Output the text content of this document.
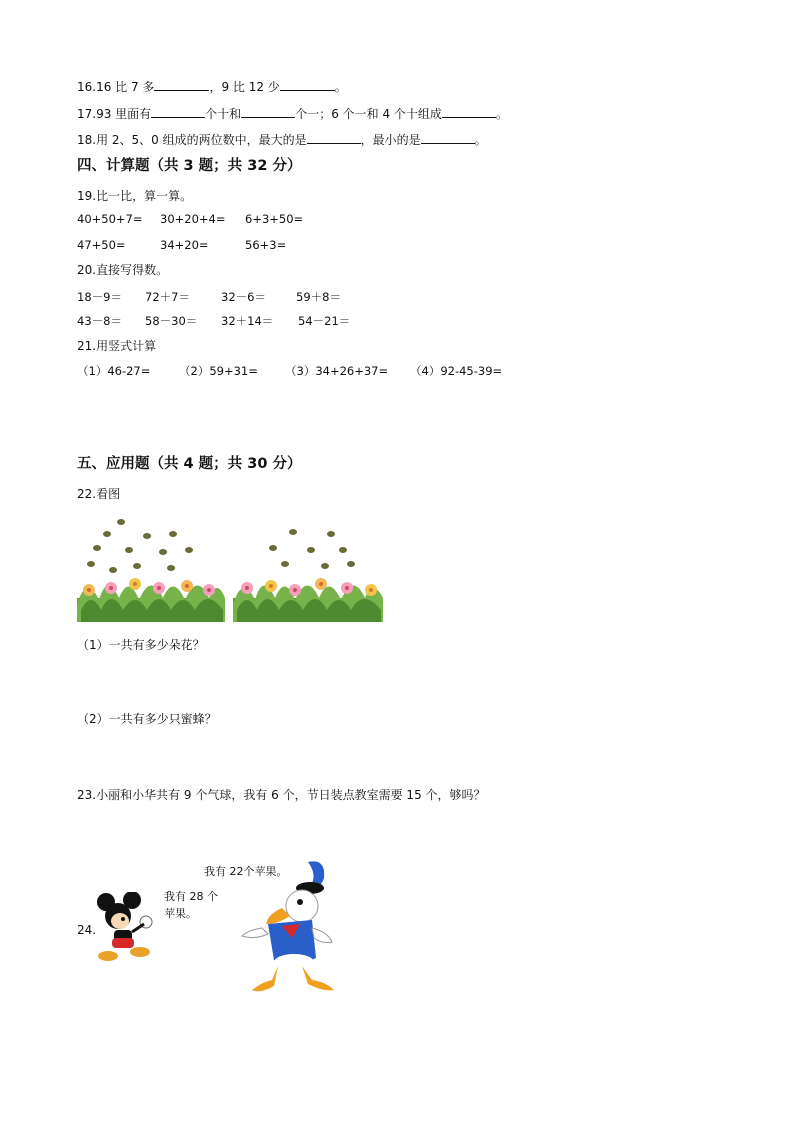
16.16 比 7 多	，9 比 12 少	。
17.93 里面有	个十和	个一；6 个一和 4 个十组成	。
18.用 2、5、0 组成的两位数中，最大的是	，最小的是	。
四、计算题（共 3 题；共 32 分）
19.比一比，算一算。
40+50+7= 30+20+4= 6+3+50=
47+50=	34+20=	56+3=
20.直接写得数。
18－9＝ 72＋7＝	32－6＝	59＋8＝
43－8＝ 58－30＝ 32＋14＝ 54－21＝
21.用竖式计算
（1）46-27= （2）59+31= （3）34+26+37= （4）92-45-39=
五、应用题（共 4 题；共 30 分）
22.看图
（1）一共有多少朵花？
（2）一共有多少只蜜蜂？
23.小丽和小华共有 9 个气球，我有 6 个，节日装点教室需要 15 个，够吗？
24.
我有 28 个
苹果。
我有 22个苹果。
